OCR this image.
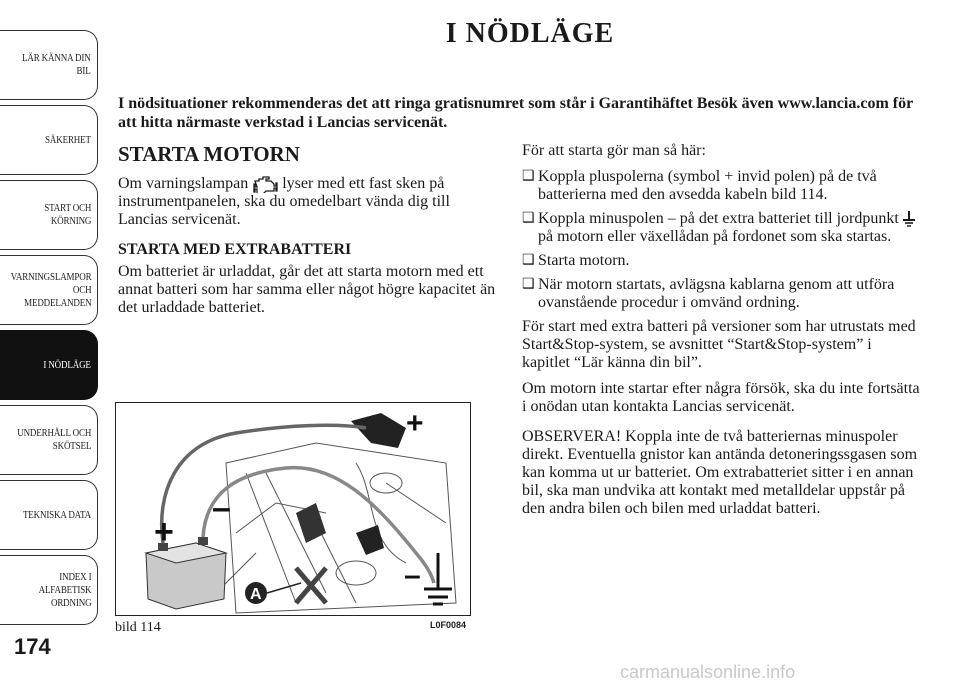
LÄR KÄNNA DIN
BIL
SÄKERHET
START OCH
KÖRNING
VARNINGSLAMPOR
OCH
MEDDELANDEN
I NÖDLÄGE
UNDERHÅLL OCH
SKÖTSEL
TEKNISKA DATA
INDEX I
ALFABETISK
ORDNING
174
I NÖDLÄGE
I nödsituationer rekommenderas det att ringa gratisnumret som står i Garantihäftet Besök även www.lancia.com för att hitta närmaste verkstad i Lancias servicenät.
STARTA MOTORN

Om varningslampan lyser med ett fast sken på instrumentpanelen, ska du omedelbart vända dig till Lancias servicenät.

STARTA MED EXTRABATTERI

Om batteriet är urladdat, går det att starta motorn med ett annat batteri som har samma eller något högre kapacitet än det urladdade batteriet.

För att starta gör man så här:

❑ Koppla pluspolerna (symbol + invid polen) på de två batterierna med den avsedda kabeln bild 114.
❑ Koppla minuspolen – på det extra batteriet till jordpunkt  på motorn eller växellådan på fordonet som ska startas.
❑ Starta motorn.
❑ När motorn startats, avlägsna kablarna genom att utföra ovanstående procedur i omvänd ordning.

För start med extra batteri på versioner som har utrustats med Start&Stop-system, se avsnittet “Start&Stop-system” i kapitlet “Lär känna din bil”.

Om motorn inte startar efter några försök, ska du inte fortsätta i onödan utan kontakta Lancias servicenät.

OBSERVERA! Koppla inte de två batteriernas minuspoler direkt. Eventuella gnistor kan antända detoneringssgasen som kan komma ut ur batteriet. Om extrabatteriet sitter i en annan bil, ska man undvika att kontakt med metalldelar uppstår på den andra bilen och bilen med urladdat batteri.

+
+
–
–
A
bild 114	L0F0084
carmanualsonline.info
